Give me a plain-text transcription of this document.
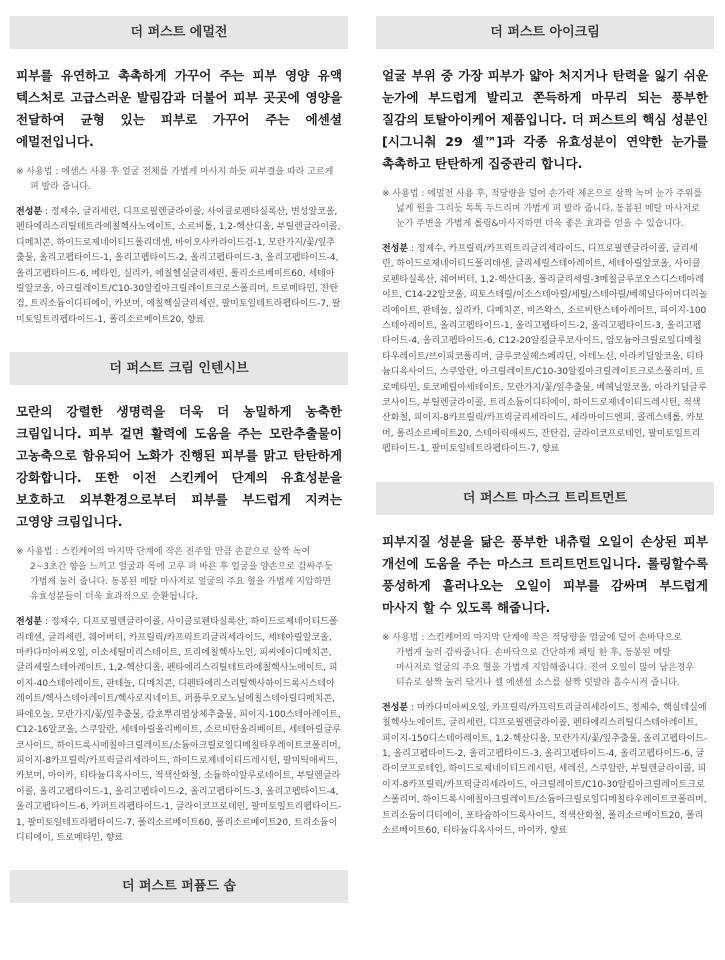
더 퍼스트 에멀전

피부를 유연하고 촉촉하게 가꾸어 주는 피부 영양 유액 텍스처로 고급스러운 발림감과 더불어 피부 곳곳에 영양을 전달하여 균형 있는 피부로 가꾸어 주는 에센셜 에멀전입니다.

※ 사용법 : 에센스 사용 후 얼굴 전체를 가볍게 마사지 하듯 피부결을 따라 고르게 펴 발라 줍니다.

전성분 : 정제수, 글리세린, 디프로필렌글라이콜, 사이클로펜타실록산, 변성알코올, 펜타에리스리틸테트라에칠헥사노에이트, 소르비톨, 1,2-헥산디올, 부틸렌글라이콜, 디메치콘, 하이드로제네이티드폴리데센, 바이오사카라이드검-1, 모란가지/꽃/잎추출물, 올리고펩타이드-1, 올리고펩타이드-2, 올리고펩타이드-3, 올리고펩타이드-4, 올리고펩타이드-6, 베타인, 실리카, 에칠헬실글리세린, 폴리소르베이트60, 세테아릴알코올, 아크릴레이트/C10-30알킬아크릴레이트크로스폴리머, 트로메타민, 잔탄검, 트리소듐이디티에이, 카보머, 에칠헥실글리세린, 팔미토일테트라펩타이드-7, 팔미토일트리펩타이드-1, 폴리소르베이트20, 향료

더 퍼스트 크림 인텐시브

모란의 강렬한 생명력을 더욱 더 농밀하게 농축한 크림입니다. 피부 겉면 활력에 도움을 주는 모란추출물이 고농축으로 함유되어 노화가 진행된 피부를 맑고 탄탄하게 강화합니다. 또한 이전 스킨케어 단계의 유효성분을 보호하고 외부환경으로부터 피부를 부드럽게 지켜는 고영양 크림입니다.

※ 사용법 : 스킨케어의 마지막 단계에 작은 진주알 만큼 손끝으로 살짝 녹여 2~3초간 향을 느끼고 얼굴과 목에 고루 펴 바른 후 얼굴을 양손으로 감싸주듯 가볍게 눌러 줍니다. 동봉된 메탈 마사저로 얼굴의 주요 혈을 가볍게 지압하면 유효성분들이 더욱 효과적으로 순환됩니다.

전성분 : 정제수, 디프로필렌글라이콜, 사이클로펜타실록산, 하이드로제네이티드폴리데센, 글리세린, 쉐어버터, 카프릴릭/카프릭트리글리세라이드, 세테아릴알코올, 마카다미아씨오일, 이소세틸미리스테이트, 트리에칠헥사노인, 피씨에이디메치콘, 글리세릴스테아레이트, 1,2-헥산디올, 펜타에리스리틸테트라에칠헥사노에이트, 피이지-40스테아레이트, 판테놀, 디메치콘, 디펜타에리스리틸헥사하이드록시스테아레이트/헥사스테아레이트/헥사로지네이트, 퍼플루오로노닐에칠스테아릴디메치콘, 파에오놀, 모란가지/꽃/잎추출물, 감초뿌리엽상체추출물, 피이지-100스테아레이트, C12-16알코올, 스쿠알란, 세테아릴올리베이트, 소르비탄올리베이트, 세테아릴글루코사이드, 하이드록시에칠아크릴레이트/소듐아크릴로일디메칠타우레이트코폴리머, 피이지-8카프릴릭/카프릭글리세라이드, 하이드로제네이티드레시틴, 팔미틱애씨드, 카보머, 마이카, 티타늄디옥사이드, 적색산화철, 소듐하이알루로네이트, 부틸렌글라이콜, 올리고펩타이드-1, 올리고펩타이드-2, 올리고펩타이드-3, 올리고펩타이드-4, 올리고펩타이드-6, 카퍼트리펩타이드-1, 글라이코프로테인, 팔미토일트리펩타이드-1, 팔미토일테트라펩타이드-7, 폴리소르베이트60, 폴리소르베이트20, 트리소듐이디티에이, 트로메타민, 향료

더 퍼스트 퍼퓸드 솝
더 퍼스트 아이크림

얼굴 부위 중 가장 피부가 얇아 처지거나 탄력을 잃기 쉬운 눈가에 부드럽게 발리고 쫀득하게 마무리 되는 풍부한 질감의 토탈아이케어 제품입니다. 더 퍼스트의 핵심 성분인 [시그니춰 29 셀™]과 각종 유효성분이 연약한 눈가를 촉촉하고 탄탄하게 집중관리 합니다.

※ 사용법 : 에멀전 사용 후, 적당량을 덜어 손가락 체온으로 살짝 녹여 눈가 주위를 넓게 원을 그리듯 톡톡 두드리며 가볍게 펴 발라 줍니다. 동봉된 메탈 마사저로 눈가 주변을 가볍게 롤링&마사지하면 더욱 좋은 효과를 얻을 수 있습니다.

전성분 : 정제수, 카프릴릭/카프릭트리글리세라이드, 디프로필렌글라이콜, 글리세린, 하이드로제네이티드폴리데센, 글리세릴스테아레이트, 세테아릴알코올, 사이클로펜타실록산, 쉐어버터, 1,2-헥산디올, 폴리글리세릴-3메칠글루코오스디스테아레이트, C14-22알코올, 피토스테릴/이소스테아릴/세틸/스테아릴/베헤닐다이머디리놀리에이트, 판테놀, 실리카, 디메치콘, 비즈왁스, 소르비탄스테아레이트, 피이지-100스테아레이트, 올리고펩타이드-1, 올리고펩타이드-2, 올리고펩타이드-3, 올리고펩타이드-4, 올리고펩타이드-6, C12-20알킬글루코사이드, 암모늄아크릴로일디메칠타우레이트/브이피코폴리머, 글루코실헤스페리딘, 아데노신, 아라키딜알코올, 티타늄디옥사이드, 스쿠알란, 아크릴레이트/C10-30알킬아크릴레이트크로스폴리머, 트로메타민, 토코페릴아세테이트, 모란가지/꽃/잎추출물, 베헤닐알코올, 아라키딜글루코사이드, 부틸렌글라이콜, 트리소듐이디티에이, 하이드로제네이티드레시틴, 적색산화철, 피이지-8카프릴릭/카프릭글리세라이드, 세라마이드엔피, 콜레스테롤, 카보머, 폴리소르베이트20, 스테아릭애씨드, 잔탄검, 글라이코프로테인, 팔미토일트리펩타이드-1, 팔미토일테트라펩타이드-7, 향료

더 퍼스트 마스크 트리트먼트

피부지질 성분을 닮은 풍부한 내츄럴 오일이 손상된 피부 개선에 도움을 주는 마스크 트리트먼트입니다. 롤링할수록 풍성하게 흘러나오는 오일이 피부를 감싸며 부드럽게 마사지 할 수 있도록 해줍니다.

※ 사용법 : 스킨케어의 마지막 단계에 작은 적당량을 얼굴에 덜어 손바닥으로 가볍게 눌러 감싸줍니다. 손바닥으로 간단하게 패팅 한 후, 동봉된 메탈 마사저로 얼굴의 주요 혈을 가볍게 지압해줍니다. 진여 오일이 많이 남은경우 티슈로 살짝 눌러 닦거나 셀 에센셜 소스를 살짝 덧발라 흡수시켜 줍니다.

전성분 : 마카다미아씨오일, 카프릴릭/카프릭트리글리세라이드, 정제수, 핵실데실에칠헥사노에이트, 글리세린, 디프로필렌글라이콜, 펜타에리스리틸디스테아레이트, 피이지-150디스테아레이트, 1,2-헥산디올, 모란가지/꽃/잎추출물, 올리고펩타이드-1, 올리고펩타이드-2, 올리고펩타이드-3, 올리고펩타이드-4, 올리고펩타이드-6, 글라이코프로테인, 하이드로제네이티드레시틴, 세레신, 스쿠알란, 부틸렌글라이콜, 피이지-8카프릴릭/카프릭글리세라이드, 아크릴레이트/C10-30알킬아크릴레이트크로스폴리머, 하이드록시에칠아크릴레이트/소듐아크릴로일디메칠타우레이트코폴리머, 트리소듐이디티에이, 포타슘하이드록사이드, 적색산화철, 폴리소르베이트20, 폴리소르베이트60, 티타늄디옥사이드, 마이카, 향료
